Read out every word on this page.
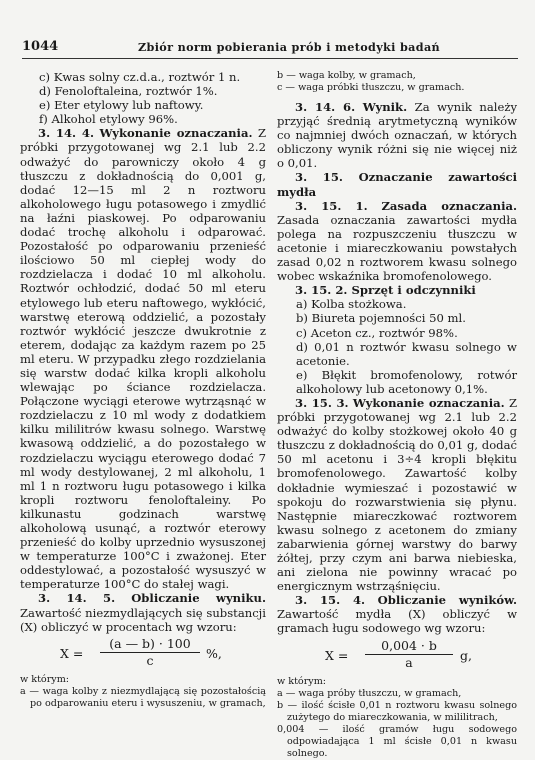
1044	Zbiór norm pobierania prób i metodyki badań

c) Kwas solny cz.d.a., roztwór 1 n.

d) Fenoloftaleina, roztwór 1%.

e) Eter etylowy lub naftowy.

f) Alkohol etylowy 96%.

3. 14. 4. Wykonanie oznaczania. Z próbki przygotowanej wg 2.1 lub 2.2 odważyć do parowniczy około 4 g tłuszczu z dokładnością do 0,001 g, dodać 12—15 ml 2 n roztworu alkoholowego ługu potasowego i zmydlić na łaźni piaskowej. Po odparowaniu dodać trochę alkoholu i odparować. Pozostałość po odparowaniu przenieść ilościowo 50 ml ciepłej wody do rozdzielacza i dodać 10 ml alkoholu. Roztwór ochłodzić, dodać 50 ml eteru etylowego lub eteru naftowego, wykłócić, warstwę eterową oddzielić, a pozostały roztwór wykłócić jeszcze dwukrotnie z eterem, dodając za każdym razem po 25 ml eteru. W przypadku złego rozdzielania się warstw dodać kilka kropli alkoholu wlewając po ściance rozdzielacza. Połączone wyciągi eterowe wytrząsnąć w rozdzielaczu z 10 ml wody z dodatkiem kilku mililitrów kwasu solnego. Warstwę kwasową oddzielić, a do pozostałego w rozdzielaczu wyciągu eterowego dodać 7 ml wody destylowanej, 2 ml alkoholu, 1 ml 1 n roztworu ługu potasowego i kilka kropli roztworu fenoloftaleiny. Po kilkunastu godzinach warstwę alkoholową usunąć, a roztwór eterowy przenieść do kolby uprzednio wysuszonej w temperaturze 100°C i zważonej. Eter oddestylować, a pozostałość wysuszyć w temperaturze 100°C do stałej wagi.

3. 14. 5. Obliczanie wyniku. Zawartość niezmydlających się substancji (X) obliczyć w procentach wg wzoru:

$X = \frac{(a — b) \cdot 100}{c}$ %,

w którym:

a — waga kolby z niezmydlającą się pozostałością po odparowaniu eteru i wysuszeniu, w gramach,

b — waga kolby, w gramach,

c — waga próbki tłuszczu, w gramach.

3. 14. 6. Wynik. Za wynik należy przyjąć średnią arytmetyczną wyników co najmniej dwóch oznaczań, w których obliczony wynik różni się nie więcej niż o 0,01.

3. 15. Oznaczanie zawartości mydła

3. 15. 1. Zasada oznaczania. Zasada oznaczania zawartości mydła polega na rozpuszczeniu tłuszczu w acetonie i miareczkowaniu powstałych zasad 0,02 n roztworem kwasu solnego wobec wskaźnika bromofenolowego.

3. 15. 2. Sprzęt i odczynniki

a) Kolba stożkowa.

b) Biureta pojemności 50 ml.

c) Aceton cz., roztwór 98%.

d) 0,01 n roztwór kwasu solnego w acetonie.

e) Błękit bromofenolowy, rotwór alkoholowy lub acetonowy 0,1%.

3. 15. 3. Wykonanie oznaczania. Z próbki przygotowanej wg 2.1 lub 2.2 odważyć do kolby stożkowej około 40 g tłuszczu z dokładnością do 0,01 g, dodać 50 ml acetonu i 3÷4 kropli błękitu bromofenolowego. Zawartość kolby dokładnie wymieszać i pozostawić w spokoju do rozwarstwienia się płynu. Następnie miareczkować roztworem kwasu solnego z acetonem do zmiany zabarwienia górnej warstwy do barwy żółtej, przy czym ani barwa niebieska, ani zielona nie powinny wracać po energicznym wstrząśnięciu.

3. 15. 4. Obliczanie wyników. Zawartość mydła (X) obliczyć w gramach ługu sodowego wg wzoru:

$X = \frac{0,004 \cdot b}{a} g$,

w którym:

a — waga próby tłuszczu, w gramach,

b — ilość ścisłe 0,01 n roztworu kwasu solnego zużytego do miareczkowania, w mililitrach,

0,004 — ilość gramów ługu sodowego odpowiadająca 1 ml ścisłe 0,01 n kwasu solnego.
